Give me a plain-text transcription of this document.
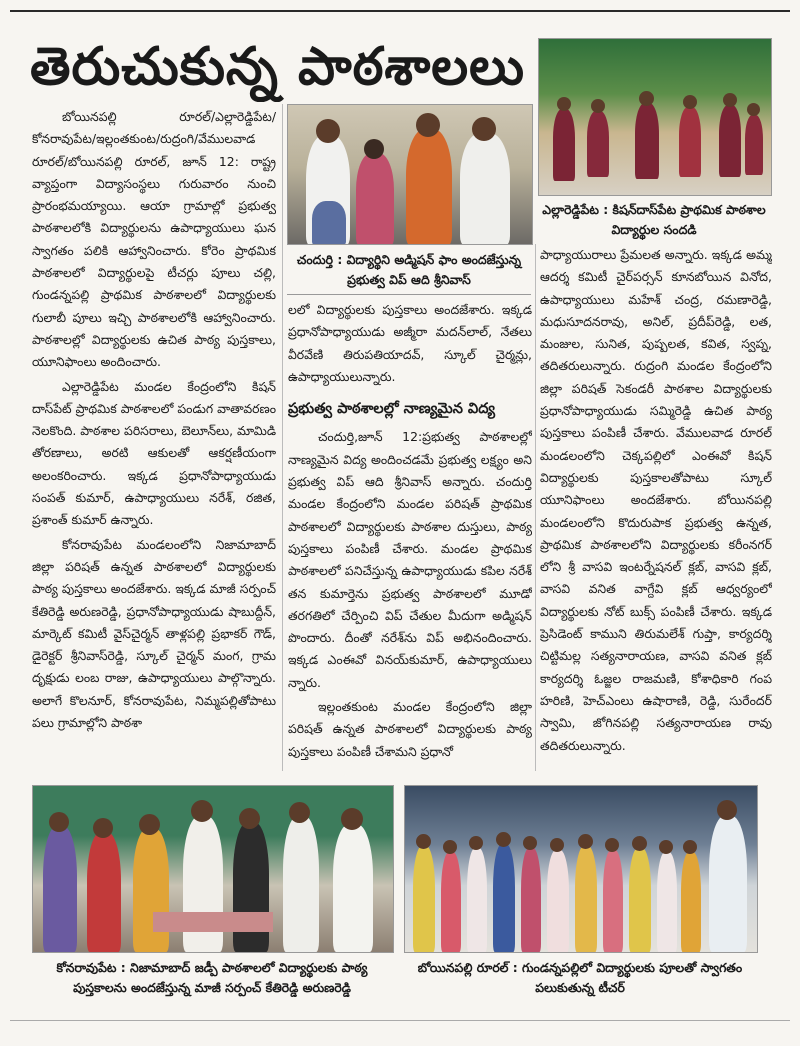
తెరుచుకున్న పాఠశాలలు
ఎల్లారెడ్డిపేట : కిషన్‌దాస్‌పేట ప్రాథమిక పాఠశాల విద్యార్థుల సందడి

బోయినపల్లి రూరల్/ఎల్లారెడ్డిపేట/కోనరావుపేట/ఇల్లంతకుంట/రుద్రంగి/వేములవాడ రూరల్/బోయినపల్లి రూరల్, జూన్ 12: రాష్ట్ర వ్యాప్తంగా విద్యాసంస్థలు గురువారం నుంచి ప్రారంభమయ్యాయి. ఆయా గ్రామాల్లో ప్రభుత్వ పాఠశాలలోకి విద్యార్థులను ఉపాధ్యాయులు ఘన స్వాగతం పలికి ఆహ్వానించారు. కోరెం ప్రాథమిక పాఠశాలలో విద్యార్థులపై టీచర్లు పూలు చల్లి, గుండన్నపల్లి ప్రాథమిక పాఠశాలలో విద్యార్థులకు గులాబీ పూలు ఇచ్చి పాఠశాలలోకి ఆహ్వానించారు. పాఠశాలల్లో విద్యార్థులకు ఉచిత పాఠ్య పుస్తకాలు, యూనిఫాంలు అందించారు.

ఎల్లారెడ్డిపేట మండల కేంద్రంలోని కిషన్ దాస్‌పేట్ ప్రాథమిక పాఠశాలలో పండుగ వాతావరణం నెలకొంది. పాఠశాల పరిసరాలు, బెలూన్‌లు, మామిడి తోరణాలు, అరటి ఆకులతో ఆకర్షణీయంగా అలంకరించారు. ఇక్కడ ప్రధానోపాధ్యాయుడు సంపత్ కుమార్, ఉపాధ్యాయులు నరేశ్, రజిత, ప్రశాంత్ కుమార్ ఉన్నారు.

కోనరావుపేట మండలంలోని నిజామాబాద్ జిల్లా పరిషత్ ఉన్నత పాఠశాలలో విద్యార్థులకు పాఠ్య పుస్తకాలు అందజేశారు. ఇక్కడ మాజీ సర్పంచ్ కేతిరెడ్డి అరుణరెడ్డి, ప్రధానోపాధ్యాయుడు షాబుద్దీన్, మార్కెట్ కమిటీ వైస్‌చైర్మన్ తాళ్లపల్లి ప్రభాకర్ గౌడ్, డైరెక్టర్ శ్రీనివాస్‌రెడ్డి, స్కూల్ చైర్మన్ మంగ, గ్రామ దృక్షుడు లంబ రాజు, ఉపాధ్యాయులు పాల్గొన్నారు. అలాగే కొలనూర్, కోనరావుపేట, నిమ్మపల్లితోపాటు పలు గ్రామాల్లోని పాఠశా

చందుర్తి : విద్యార్థిని అడ్మిషన్ ఫాం అందజేస్తున్న ప్రభుత్వ విప్ ఆది శ్రీనివాస్

లలో విద్యార్థులకు పుస్తకాలు అందజేశారు. ఇక్కడ ప్రధానోపాధ్యాయుడు అజ్మీరా మదన్‌లాల్, నేతలు వీరవేణి తిరుపతియాదవ్, స్కూల్ చైర్మన్లు, ఉపాధ్యాయులున్నారు.

ప్రభుత్వ పాఠశాలల్లో నాణ్యమైన విద్య

చందుర్తి,జూన్ 12:ప్రభుత్వ పాఠశాలల్లో నాణ్యమైన విద్య అందించడమే ప్రభుత్వ లక్ష్యం అని ప్రభుత్వ విప్ ఆది శ్రీనివాస్ అన్నారు. చందుర్తి మండల కేంద్రంలోని మండల పరిషత్ ప్రాథమిక పాఠశాలలో విద్యార్థులకు పాఠశాల దుస్తులు, పాఠ్య పుస్తకాలు పంపిణీ చేశారు. మండల ప్రాథమిక పాఠశాలలో పనిచేస్తున్న ఉపాధ్యాయుడు కపిల నరేశ్ తన కుమార్తెను ప్రభుత్వ పాఠశాలలో మూడో తరగతిలో చేర్పించి విప్ చేతుల మీదుగా అడ్మిషన్ పొందారు. దీంతో నరేశ్‌ను విప్ అభినందించారు. ఇక్కడ ఎంఈవో వినయ్‌కుమార్, ఉపాధ్యాయులు న్నారు.

ఇల్లంతకుంట మండల కేంద్రంలోని జిల్లా పరిషత్ ఉన్నత పాఠశాలలో విద్యార్థులకు పాఠ్య పుస్తకాలు పంపిణీ చేశామని ప్రధానో

పాధ్యాయురాలు ప్రేమలత అన్నారు. ఇక్కడ అమ్మ ఆదర్శ కమిటీ చైర్‌పర్సన్ కూనబోయిన వినోద, ఉపాధ్యాయులు మహేశ్ చంద్ర, రమణారెడ్డి, మధుసూదనరావు, అనిల్, ప్రదీప్‌రెడ్డి, లత, మంజుల, సునిత, పుష్పలత, కవిత, స్వప్న, తదితరులున్నారు. రుద్రంగి మండల కేంద్రంలోని జిల్లా పరిషత్ సెకండరీ పాఠశాల విద్యార్థులకు ప్రధానోపాధ్యాయుడు సమ్మిరెడ్డి ఉచిత పాఠ్య పుస్తకాలు పంపిణీ చేశారు. వేములవాడ రూరల్ మండలంలోని చెక్కపల్లిలో ఎంఈవో కిషన్ విద్యార్థులకు పుస్తకాలతోపాటు స్కూల్ యూనిఫాంలు అందజేశారు. బోయినపల్లి మండలంలోని కొదురుపాక ప్రభుత్వ ఉన్నత, ప్రాథమిక పాఠశాలలోని విద్యార్థులకు కరీంనగర్ లోని శ్రీ వాసవి ఇంటర్నేషనల్ క్లబ్, వాసవి క్లబ్, వాసవి వనిత వాగ్దేవి క్లబ్ ఆధ్వర్యంలో విద్యార్థులకు నోట్ బుక్స్ పంపిణీ చేశారు. ఇక్కడ ప్రెసిడెంట్ కాముని తిరుమలేశ్ గుప్తా, కార్యదర్శి చిట్టిమల్ల సత్యనారాయణ, వాసవి వనిత క్లబ్ కార్యదర్శి ఓజ్జల రాజమణి, కోశాధికారి గంప హరిణి, హెచ్‌ఎంలు ఉషారాణి, రెడ్డి, సురేందర్ స్వామి, జోగినపల్లి సత్యనారాయణ రావు తదితరులున్నారు.

కోనరావుపేట : నిజామాబాద్ జడ్పీ పాఠశాలలో విద్యార్థులకు పాఠ్య పుస్తకాలను అందజేస్తున్న మాజీ సర్పంచ్ కేతిరెడ్డి అరుణరెడ్డి
బోయినపల్లి రూరల్ : గుండన్నపల్లిలో విద్యార్థులకు పూలతో స్వాగతం పలుకుతున్న టీచర్
